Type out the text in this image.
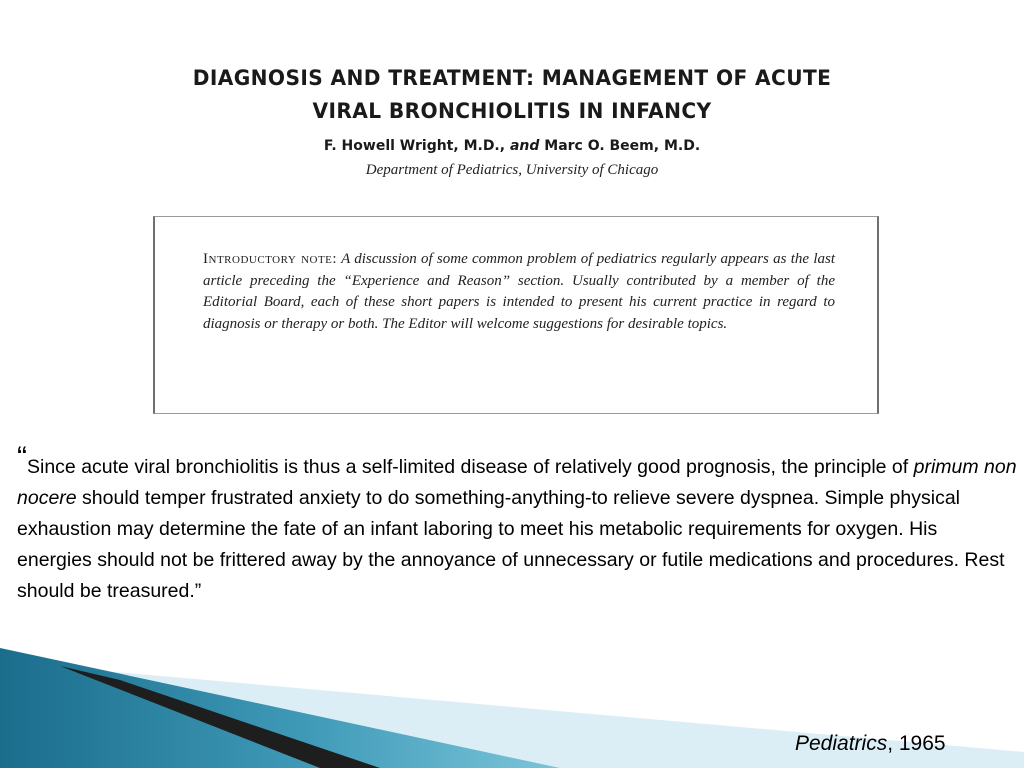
DIAGNOSIS AND TREATMENT: MANAGEMENT OF ACUTE

VIRAL BRONCHIOLITIS IN INFANCY

F. Howell Wright, M.D., and Marc O. Beem, M.D.
Department of Pediatrics, University of Chicago
Introductory note: A discussion of some common problem of pediatrics regularly appears as the last article preceding the “Experience and Reason” section. Usually contributed by a member of the Editorial Board, each of these short papers is intended to present his current practice in regard to diagnosis or therapy or both. The Editor will welcome suggestions for desirable topics.

“Since acute viral bronchiolitis is thus a self-limited disease of relatively good prognosis, the principle of primum non nocere should temper frustrated anxiety to do something-anything-to relieve severe dyspnea. Simple physical exhaustion may determine the fate of an infant laboring to meet his metabolic requirements for oxygen. His energies should not be frittered away by the annoyance of unnecessary or futile medications and procedures. Rest should be treasured.”

Pediatrics, 1965
